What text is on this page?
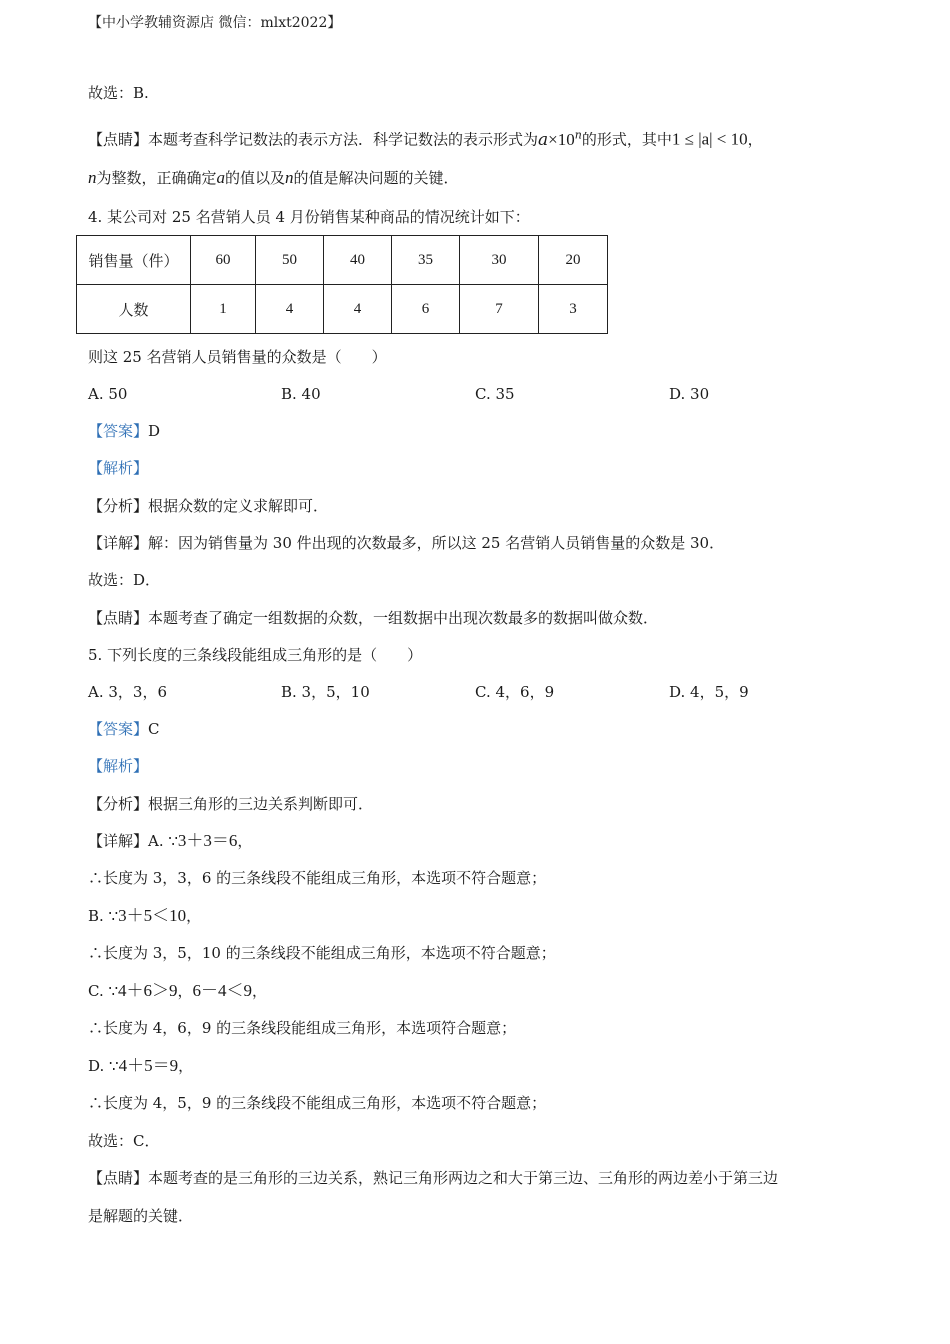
【中小学教辅资源店 微信：mlxt2022】
故选：B.
【点睛】本题考查科学记数法的表示方法．科学记数法的表示形式为$a\times 10^n$的形式，其中1 ≤ |a| < 10，
n为整数，正确确定a的值以及n的值是解决问题的关键．
4. 某公司对 25 名营销人员 4 月份销售某种商品的情况统计如下：
销售量（件）	60	50	40	35	30	20
人数	1	4	4	6	7	3
则这 25 名营销人员销售量的众数是（　　）
A. 50	B. 40	C. 35	D. 30
【答案】D
【解析】
【分析】根据众数的定义求解即可．
【详解】解：因为销售量为 30 件出现的次数最多，所以这 25 名营销人员销售量的众数是 30．
故选：D．
【点睛】本题考查了确定一组数据的众数，一组数据中出现次数最多的数据叫做众数．
5. 下列长度的三条线段能组成三角形的是（　　）
A. 3，3，6	B. 3，5，10	C. 4，6，9	D. 4，5，9
【答案】C
【解析】
【分析】根据三角形的三边关系判断即可．
【详解】A. ∵3＋3＝6，
∴长度为 3，3，6 的三条线段不能组成三角形，本选项不符合题意；
B. ∵3＋5＜10，
∴长度为 3，5，10 的三条线段不能组成三角形，本选项不符合题意；
C. ∵4＋6＞9，6－4＜9，
∴长度为 4，6，9 的三条线段能组成三角形，本选项符合题意；
D. ∵4＋5＝9，
∴长度为 4，5，9 的三条线段不能组成三角形，本选项不符合题意；
故选：C．
【点睛】本题考查的是三角形的三边关系，熟记三角形两边之和大于第三边、三角形的两边差小于第三边
是解题的关键．
